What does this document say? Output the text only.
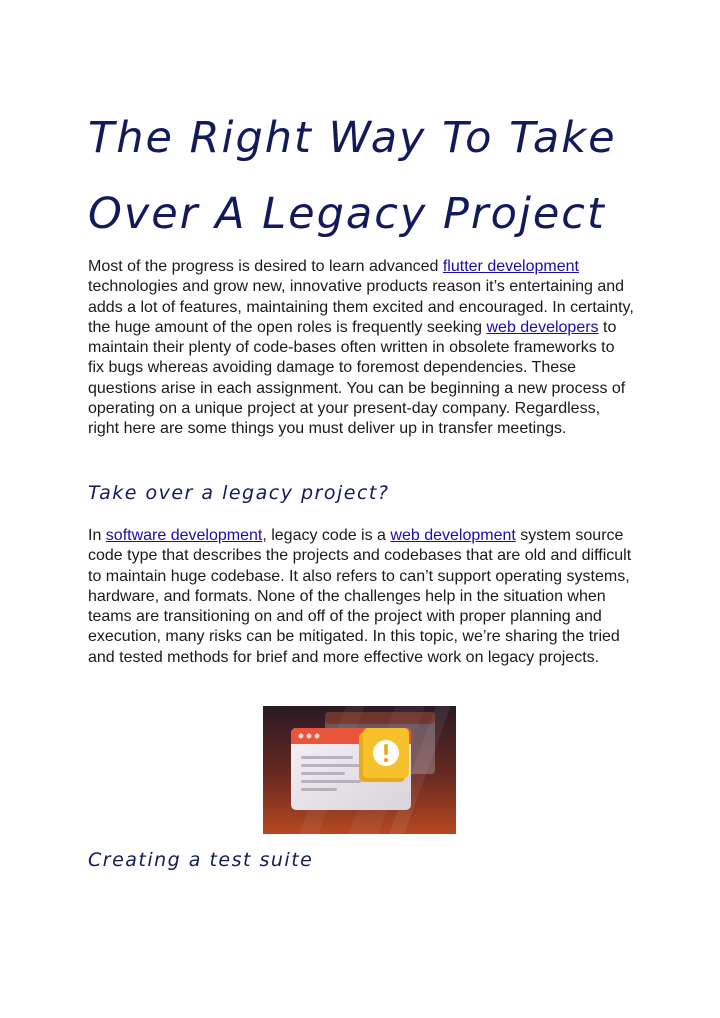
The Right Way To Take
Over A Legacy Project

Most of the progress is desired to learn advanced flutter development technologies and grow new, innovative products reason it’s entertaining and adds a lot of features, maintaining them excited and encouraged. In certainty, the huge amount of the open roles is frequently seeking web developers to maintain their plenty of code-bases often written in obsolete frameworks to fix bugs whereas avoiding damage to foremost dependencies. These questions arise in each assignment. You can be beginning a new process of operating on a unique project at your present-day company. Regardless, right here are some things you must deliver up in transfer meetings.

Take over a legacy project?

In software development, legacy code is a web development system source code type that describes the projects and codebases that are old and difficult to maintain huge codebase. It also refers to can’t support operating systems, hardware, and formats. None of the challenges help in the situation when teams are transitioning on and off of the project with proper planning and execution, many risks can be mitigated. In this topic, we’re sharing the tried and tested methods for brief and more effective work on legacy projects.

Creating a test suite
